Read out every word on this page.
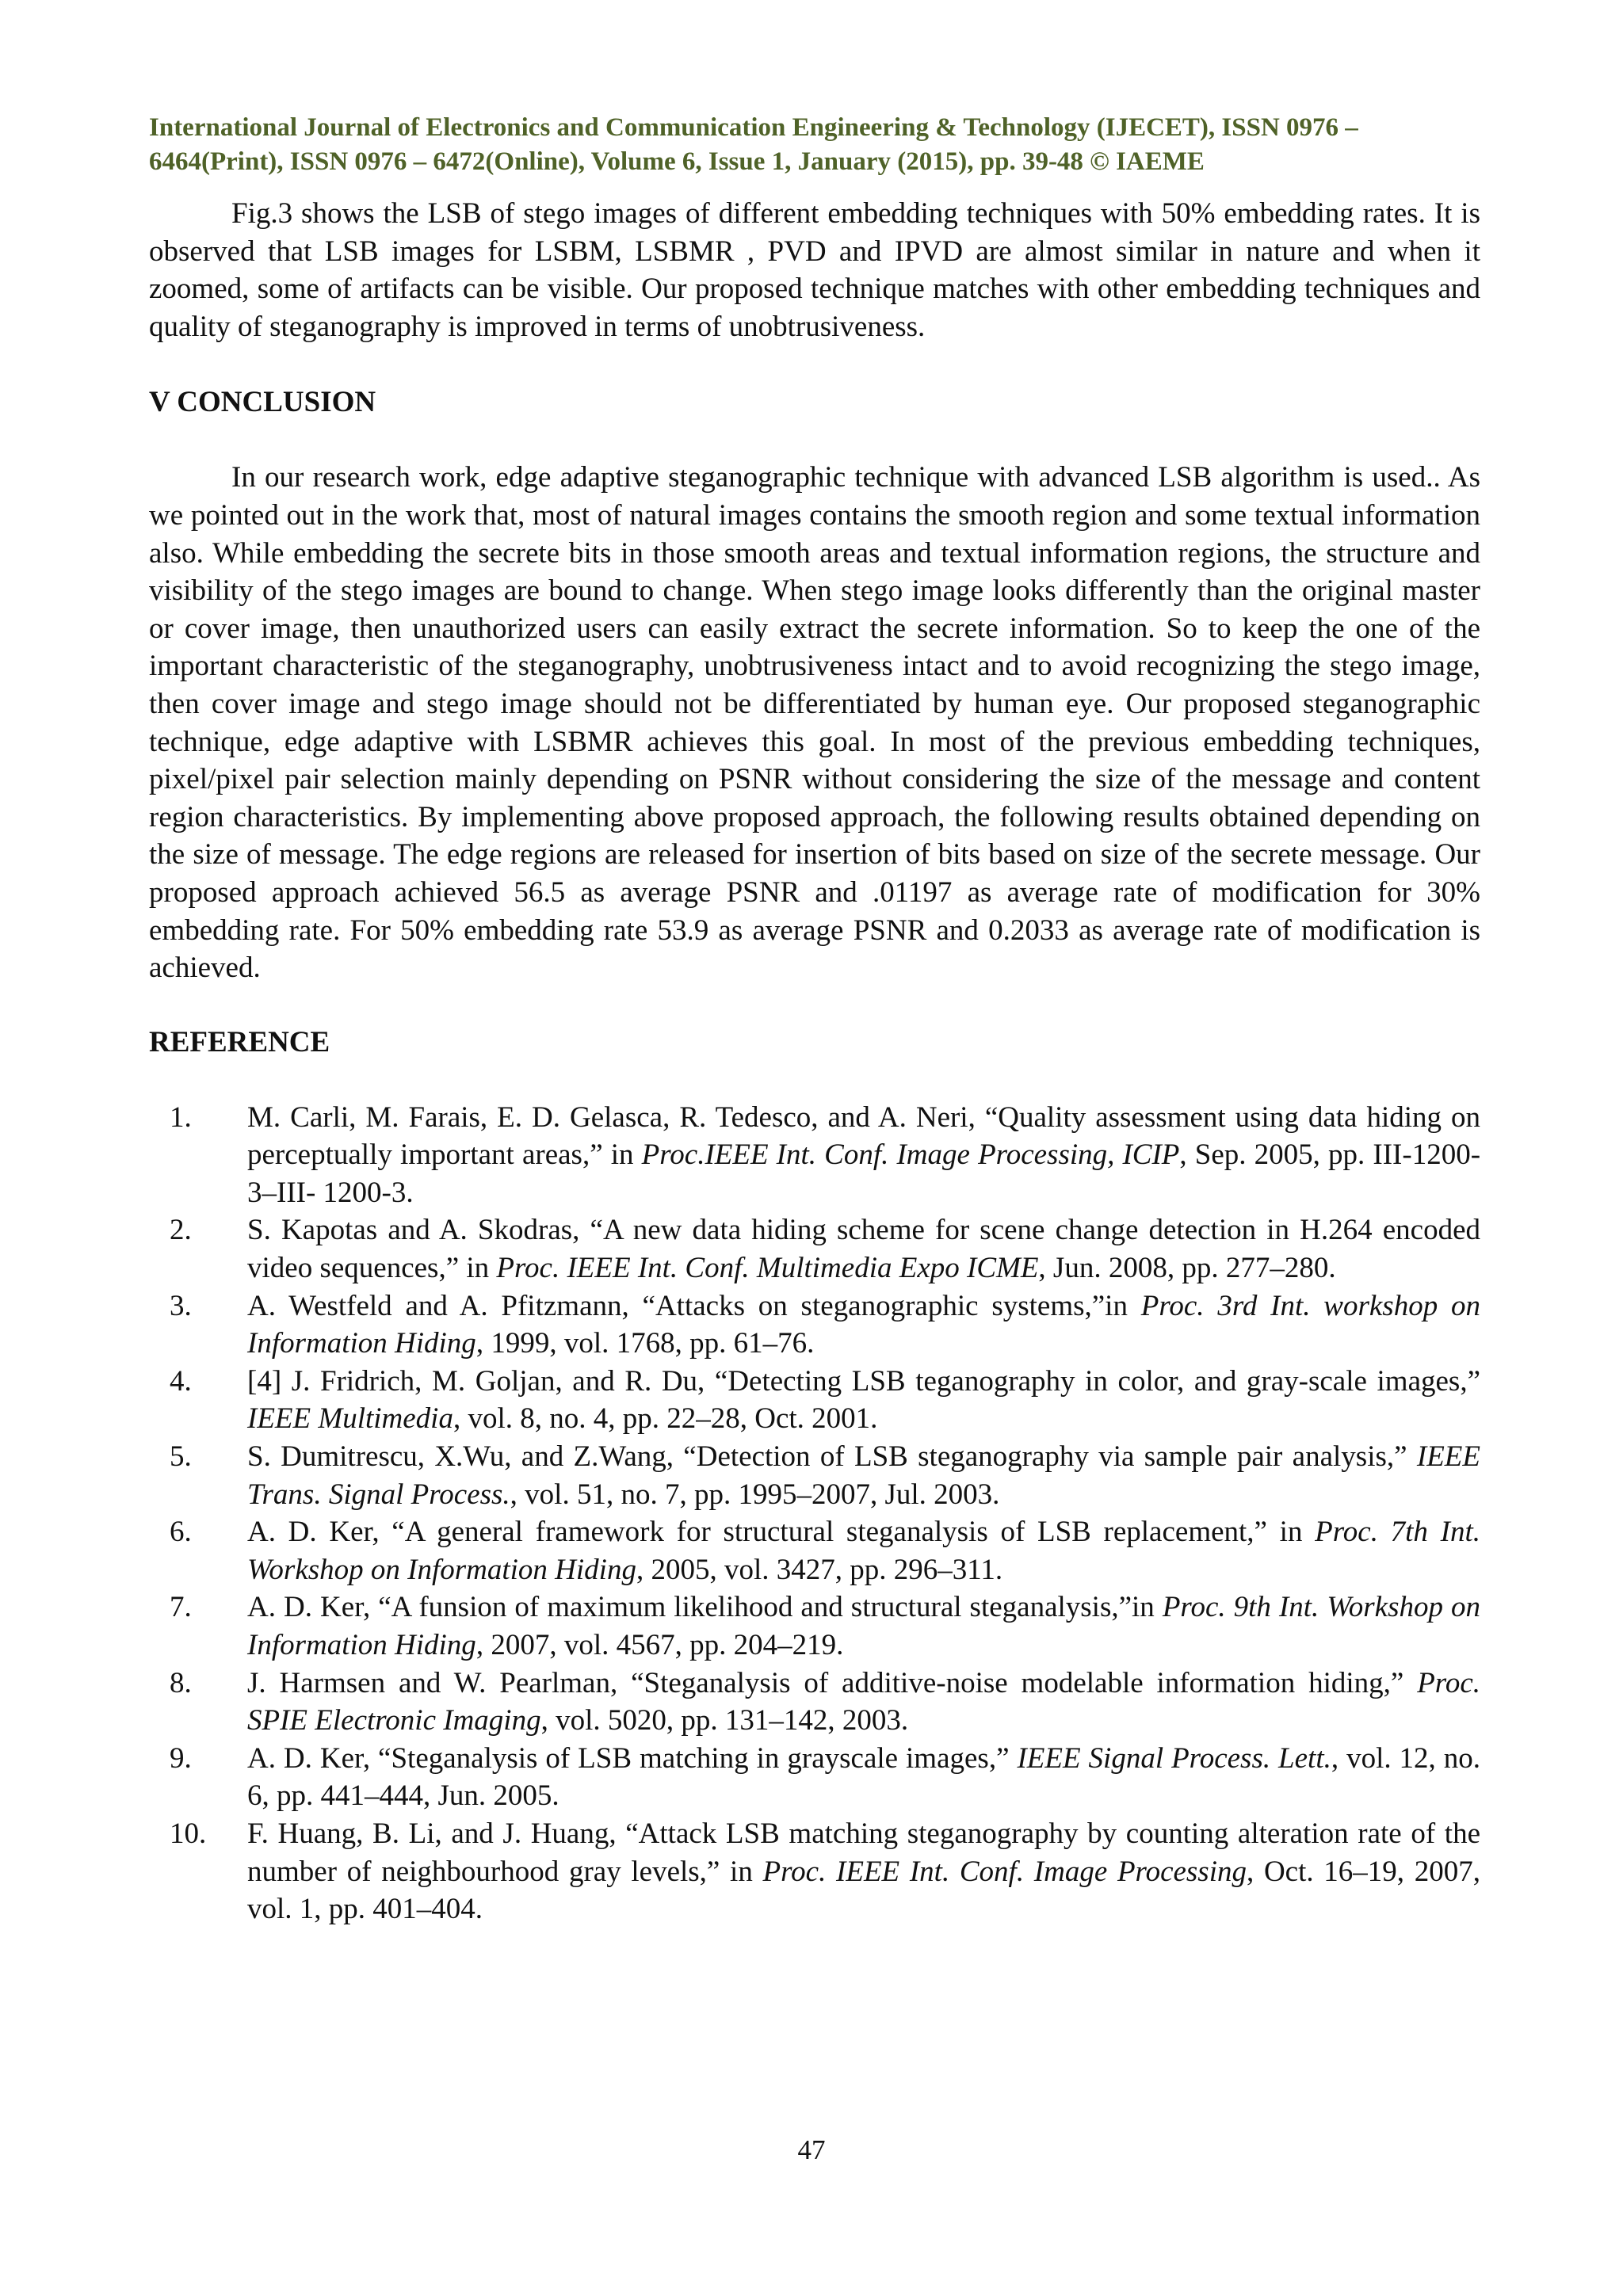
International Journal of Electronics and Communication Engineering & Technology (IJECET), ISSN 0976 –
6464(Print), ISSN 0976 – 6472(Online), Volume 6, Issue 1, January (2015), pp. 39-48 © IAEME

Fig.3 shows the LSB of stego images of different embedding techniques with 50% embedding rates. It is observed that LSB images for LSBM, LSBMR , PVD and IPVD are almost similar in nature and when it zoomed, some of artifacts can be visible. Our proposed technique matches with other embedding techniques and quality of steganography is improved in terms of unobtrusiveness.

V CONCLUSION

In our research work, edge adaptive steganographic technique with advanced LSB algorithm is used.. As we pointed out in the work that, most of natural images contains the smooth region and some textual information also. While embedding the secrete bits in those smooth areas and textual information regions, the structure and visibility of the stego images are bound to change. When stego image looks differently than the original master or cover image, then unauthorized users can easily extract the secrete information. So to keep the one of the important characteristic of the steganography, unobtrusiveness intact and to avoid recognizing the stego image, then cover image and stego image should not be differentiated by human eye. Our proposed steganographic technique, edge adaptive with LSBMR achieves this goal. In most of the previous embedding techniques, pixel/pixel pair selection mainly depending on PSNR without considering the size of the message and content region characteristics. By implementing above proposed approach, the following results obtained depending on the size of message. The edge regions are released for insertion of bits based on size of the secrete message. Our proposed approach achieved 56.5 as average PSNR and .01197 as average rate of modification for 30% embedding rate. For 50% embedding rate 53.9 as average PSNR and 0.2033 as average rate of modification is achieved.

REFERENCE
1. M. Carli, M. Farais, E. D. Gelasca, R. Tedesco, and A. Neri, “Quality assessment using data hiding on perceptually important areas,” in Proc.IEEE Int. Conf. Image Processing, ICIP, Sep. 2005, pp. III-1200-3–III- 1200-3.
2. S. Kapotas and A. Skodras, “A new data hiding scheme for scene change detection in H.264 encoded video sequences,” in Proc. IEEE Int. Conf. Multimedia Expo ICME, Jun. 2008, pp. 277–280.
3. A. Westfeld and A. Pfitzmann, “Attacks on steganographic systems,”in Proc. 3rd Int. workshop on Information Hiding, 1999, vol. 1768, pp. 61–76.
4. [4] J. Fridrich, M. Goljan, and R. Du, “Detecting LSB teganography in color, and gray-scale images,” IEEE Multimedia, vol. 8, no. 4, pp. 22–28, Oct. 2001.
5. S. Dumitrescu, X.Wu, and Z.Wang, “Detection of LSB steganography via sample pair analysis,” IEEE Trans. Signal Process., vol. 51, no. 7, pp. 1995–2007, Jul. 2003.
6. A. D. Ker, “A general framework for structural steganalysis of LSB replacement,” in Proc. 7th Int. Workshop on Information Hiding, 2005, vol. 3427, pp. 296–311.
7. A. D. Ker, “A funsion of maximum likelihood and structural steganalysis,”in Proc. 9th Int. Workshop on Information Hiding, 2007, vol. 4567, pp. 204–219.
8. J. Harmsen and W. Pearlman, “Steganalysis of additive-noise modelable information hiding,” Proc. SPIE Electronic Imaging, vol. 5020, pp. 131–142, 2003.
9. A. D. Ker, “Steganalysis of LSB matching in grayscale images,” IEEE Signal Process. Lett., vol. 12, no. 6, pp. 441–444, Jun. 2005.
10. F. Huang, B. Li, and J. Huang, “Attack LSB matching steganography by counting alteration rate of the number of neighbourhood gray levels,” in Proc. IEEE Int. Conf. Image Processing, Oct. 16–19, 2007, vol. 1, pp. 401–404.
47
